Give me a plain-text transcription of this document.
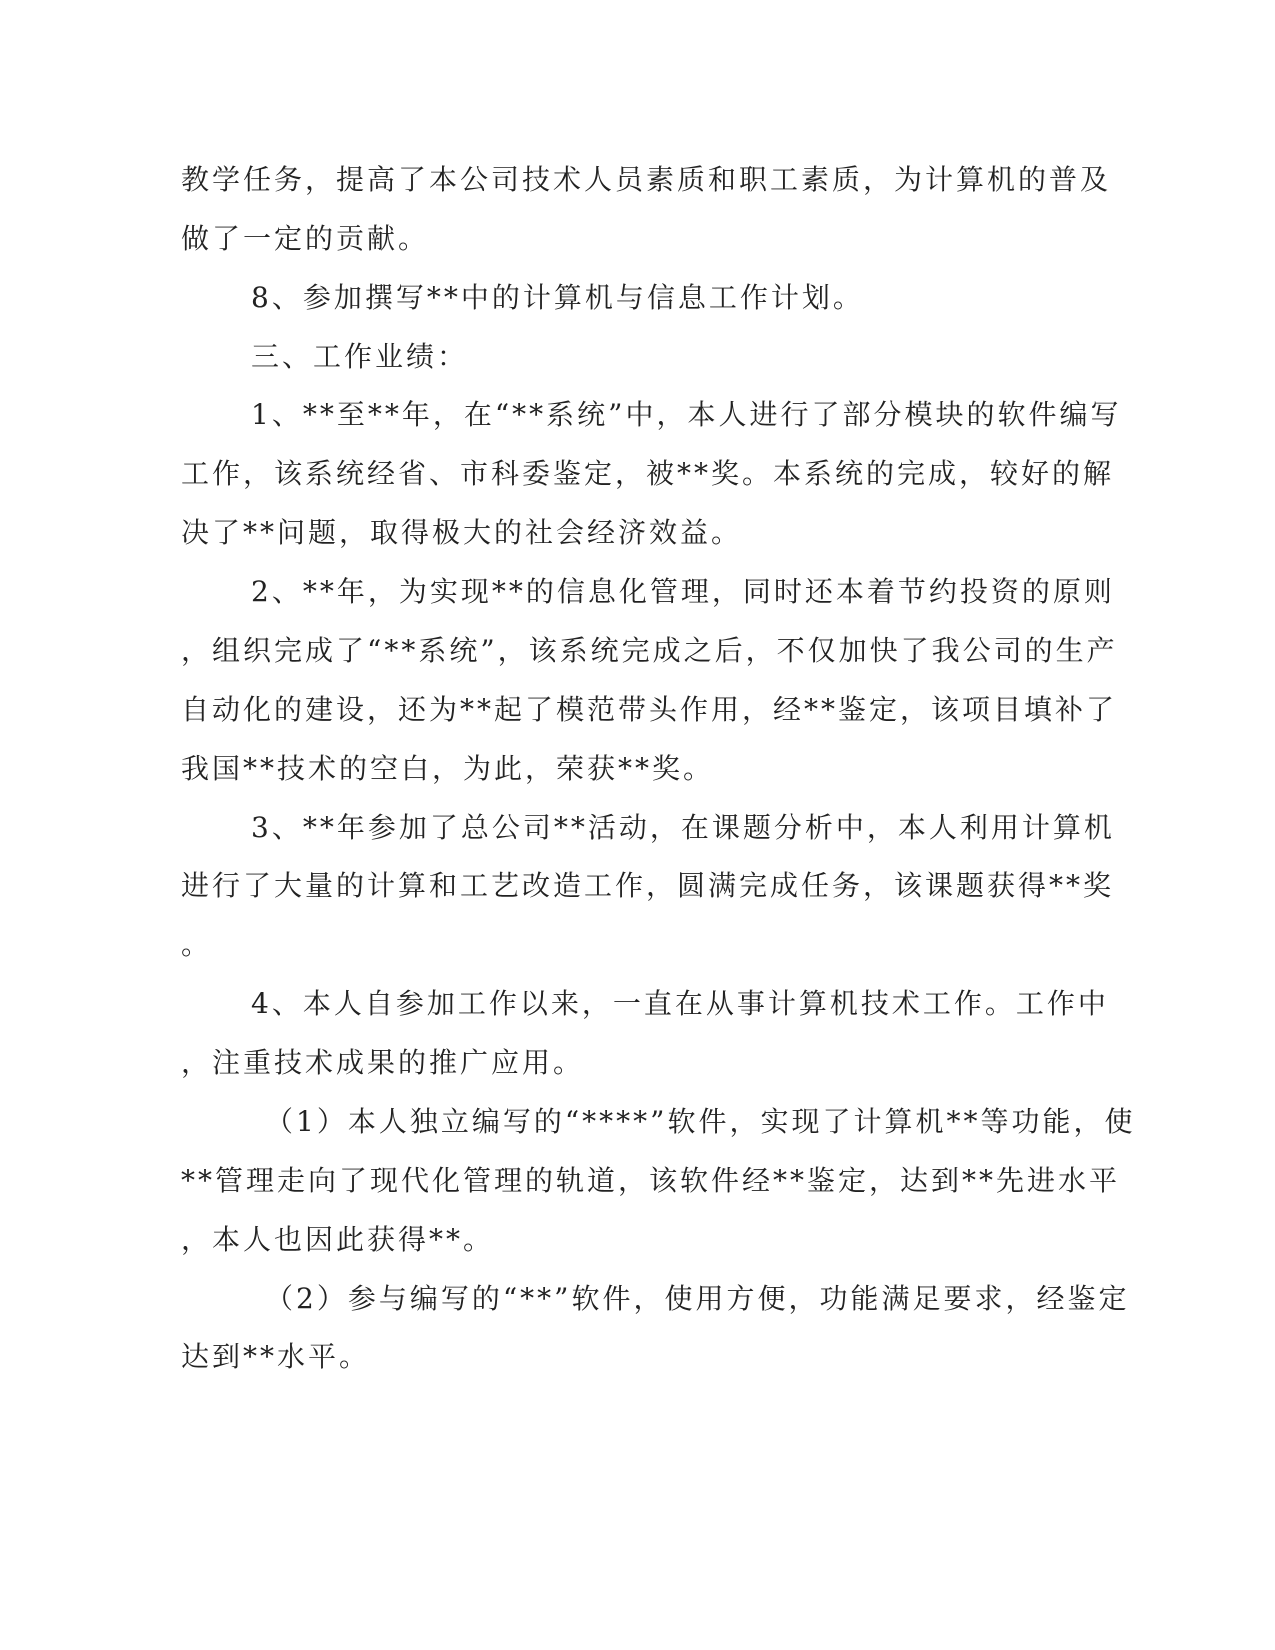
教学任务，提高了本公司技术人员素质和职工素质，为计算机的普及
做了一定的贡献。
8、参加撰写**中的计算机与信息工作计划。
三、工作业绩：
1、**至**年，在“**系统”中，本人进行了部分模块的软件编写
工作，该系统经省、市科委鉴定，被**奖。本系统的完成，较好的解
决了**问题，取得极大的社会经济效益。
2、**年，为实现**的信息化管理，同时还本着节约投资的原则
，组织完成了“**系统”，该系统完成之后，不仅加快了我公司的生产
自动化的建设，还为**起了模范带头作用，经**鉴定，该项目填补了
我国**技术的空白，为此，荣获**奖。
3、**年参加了总公司**活动，在课题分析中，本人利用计算机
进行了大量的计算和工艺改造工作，圆满完成任务，该课题获得**奖
。
4、本人自参加工作以来，一直在从事计算机技术工作。工作中
，注重技术成果的推广应用。
（1）本人独立编写的“****”软件，实现了计算机**等功能，使
**管理走向了现代化管理的轨道，该软件经**鉴定，达到**先进水平
，本人也因此获得**。
（2）参与编写的“**”软件，使用方便，功能满足要求，经鉴定
达到**水平。
